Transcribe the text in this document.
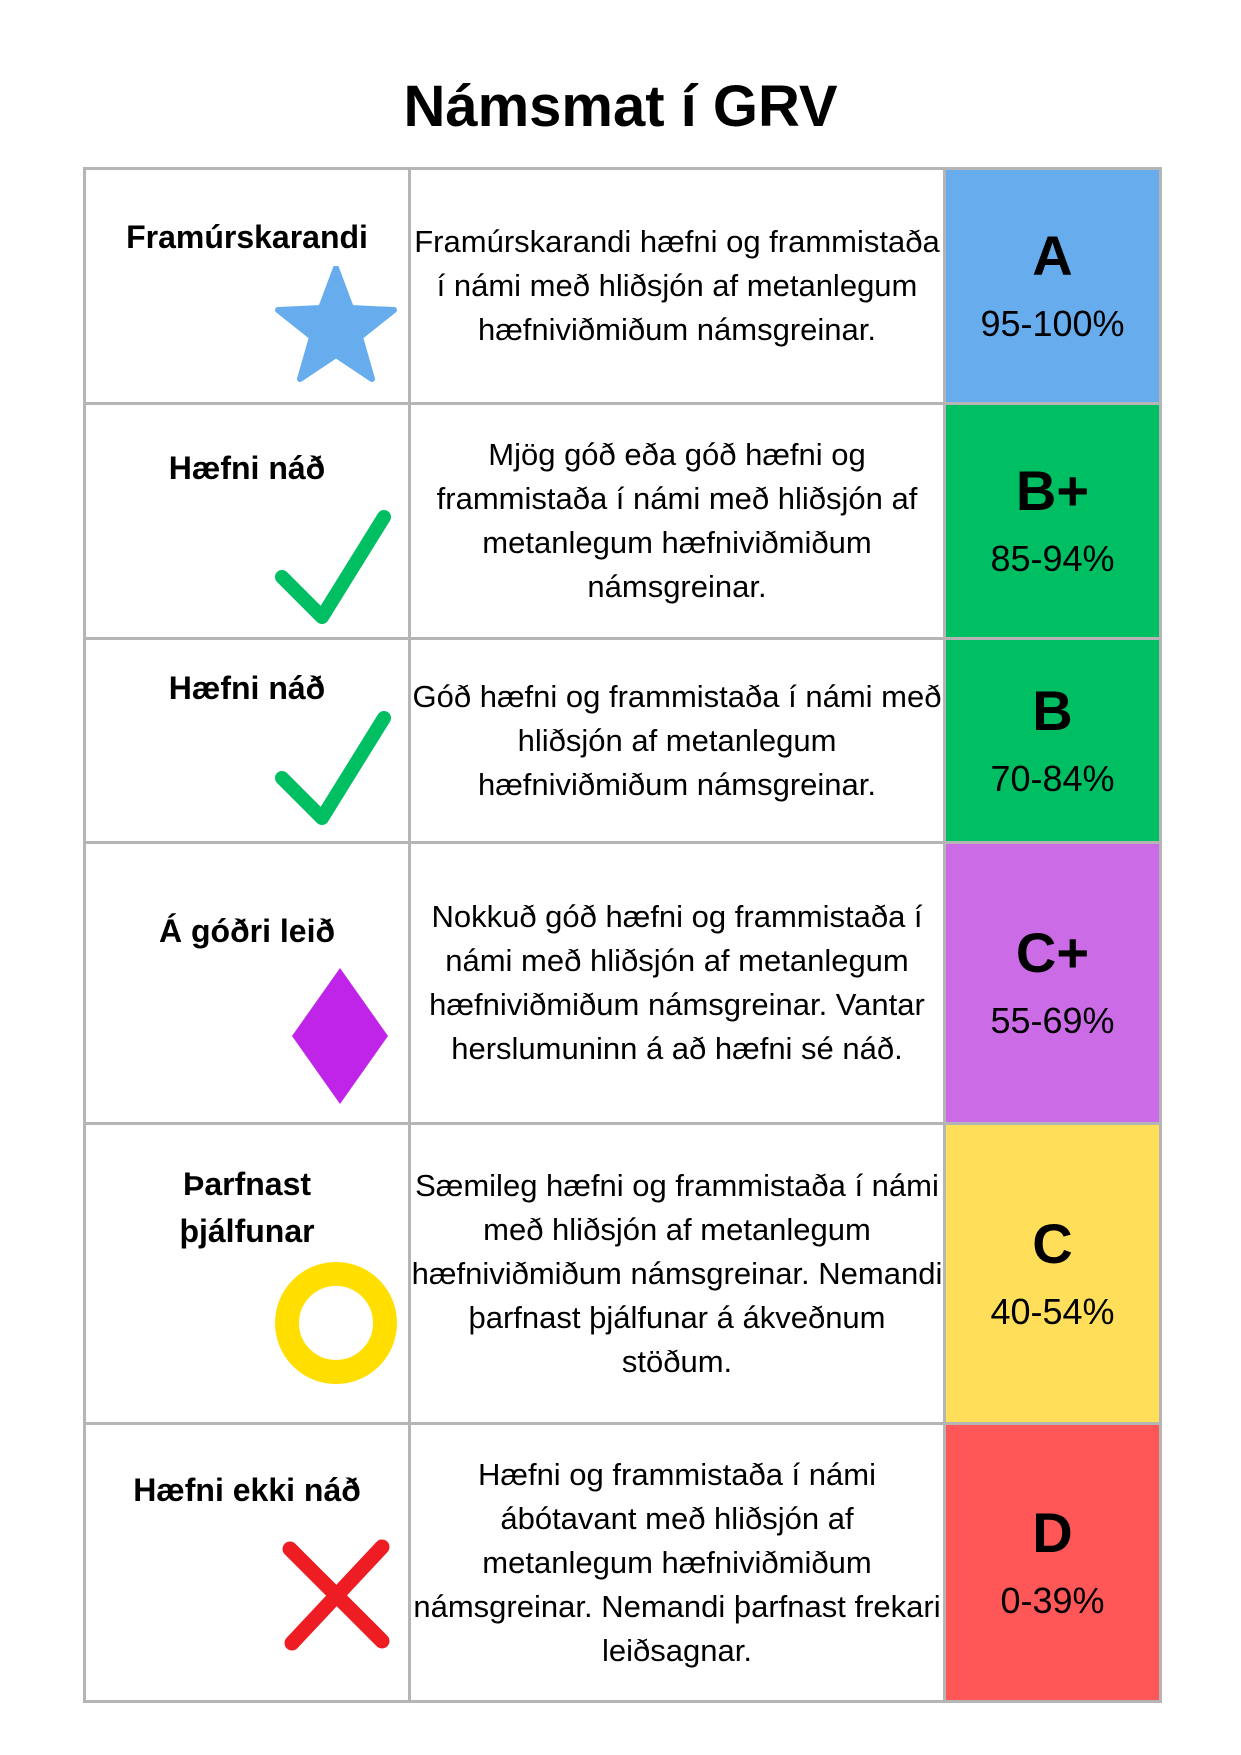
Námsmat í GRV
Framúrskarandi	Framúrskarandi hæfni og frammistaða í námi með hliðsjón af metanlegum hæfniviðmiðum námsgreinar.	A
95-100%

Hæfni náð	Mjög góð eða góð hæfni og frammistaða í námi með hliðsjón af metanlegum hæfniviðmiðum námsgreinar.	B+
85-94%

Hæfni náð	Góð hæfni og frammistaða í námi með hliðsjón af metanlegum hæfniviðmiðum námsgreinar.	B
70-84%

Á góðri leið	Nokkuð góð hæfni og frammistaða í námi með hliðsjón af metanlegum hæfniviðmiðum námsgreinar. Vantar herslumuninn á að hæfni sé náð.	C+
55-69%

Þarfnast þjálfunar	Sæmileg hæfni og frammistaða í námi með hliðsjón af metanlegum hæfniviðmiðum námsgreinar. Nemandi þarfnast þjálfunar á ákveðnum stöðum.	C
40-54%

Hæfni ekki náð	Hæfni og frammistaða í námi ábótavant með hliðsjón af metanlegum hæfniviðmiðum námsgreinar. Nemandi þarfnast frekari leiðsagnar.	D
0-39%
